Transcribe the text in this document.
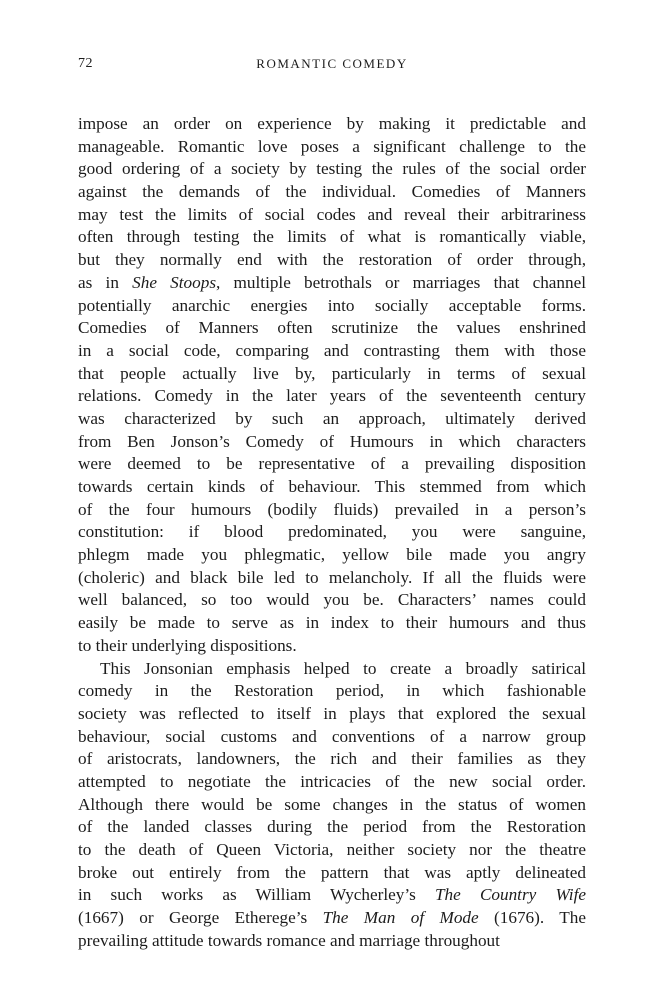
72	ROMANTIC COMEDY
impose an order on experience by making it predictable and
manageable. Romantic love poses a significant challenge to the
good ordering of a society by testing the rules of the social order
against the demands of the individual. Comedies of Manners
may test the limits of social codes and reveal their arbitrariness
often through testing the limits of what is romantically viable,
but they normally end with the restoration of order through,
as in She Stoops, multiple betrothals or marriages that channel
potentially anarchic energies into socially acceptable forms.
Comedies of Manners often scrutinize the values enshrined
in a social code, comparing and contrasting them with those
that people actually live by, particularly in terms of sexual
relations. Comedy in the later years of the seventeenth century
was characterized by such an approach, ultimately derived
from Ben Jonson’s Comedy of Humours in which characters
were deemed to be representative of a prevailing disposition
towards certain kinds of behaviour. This stemmed from which
of the four humours (bodily fluids) prevailed in a person’s
constitution: if blood predominated, you were sanguine,
phlegm made you phlegmatic, yellow bile made you angry
(choleric) and black bile led to melancholy. If all the fluids were
well balanced, so too would you be. Characters’ names could
easily be made to serve as in index to their humours and thus
to their underlying dispositions.
This Jonsonian emphasis helped to create a broadly satirical
comedy in the Restoration period, in which fashionable
society was reflected to itself in plays that explored the sexual
behaviour, social customs and conventions of a narrow group
of aristocrats, landowners, the rich and their families as they
attempted to negotiate the intricacies of the new social order.
Although there would be some changes in the status of women
of the landed classes during the period from the Restoration
to the death of Queen Victoria, neither society nor the theatre
broke out entirely from the pattern that was aptly delineated
in such works as William Wycherley’s The Country Wife
(1667) or George Etherege’s The Man of Mode (1676). The
prevailing attitude towards romance and marriage throughout
